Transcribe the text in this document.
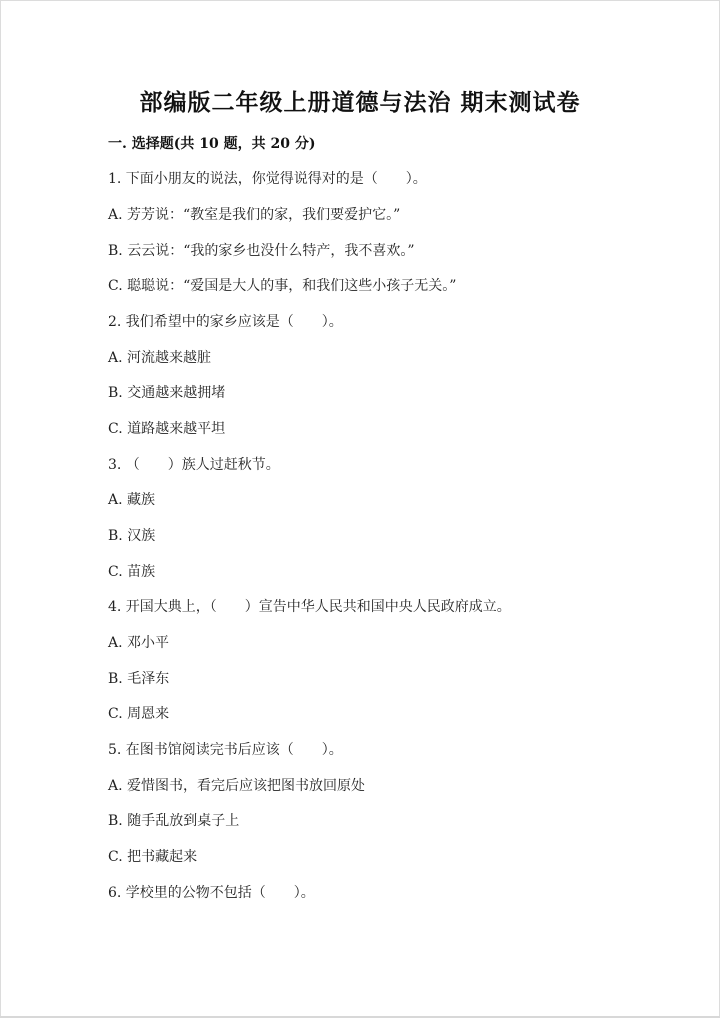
部编版二年级上册道德与法治 期末测试卷
一. 选择题(共 10 题，共 20 分)
1. 下面小朋友的说法，你觉得说得对的是（　　）。
A. 芳芳说：“教室是我们的家，我们要爱护它。”
B. 云云说：“我的家乡也没什么特产，我不喜欢。”
C. 聪聪说：“爱国是大人的事，和我们这些小孩子无关。”
2. 我们希望中的家乡应该是（　　）。
A. 河流越来越脏
B. 交通越来越拥堵
C. 道路越来越平坦
3. （　　）族人过赶秋节。
A. 藏族
B. 汉族
C. 苗族
4. 开国大典上，（　　）宣告中华人民共和国中央人民政府成立。
A. 邓小平
B. 毛泽东
C. 周恩来
5. 在图书馆阅读完书后应该（　　）。
A. 爱惜图书，看完后应该把图书放回原处
B. 随手乱放到桌子上
C. 把书藏起来
6. 学校里的公物不包括（　　）。
